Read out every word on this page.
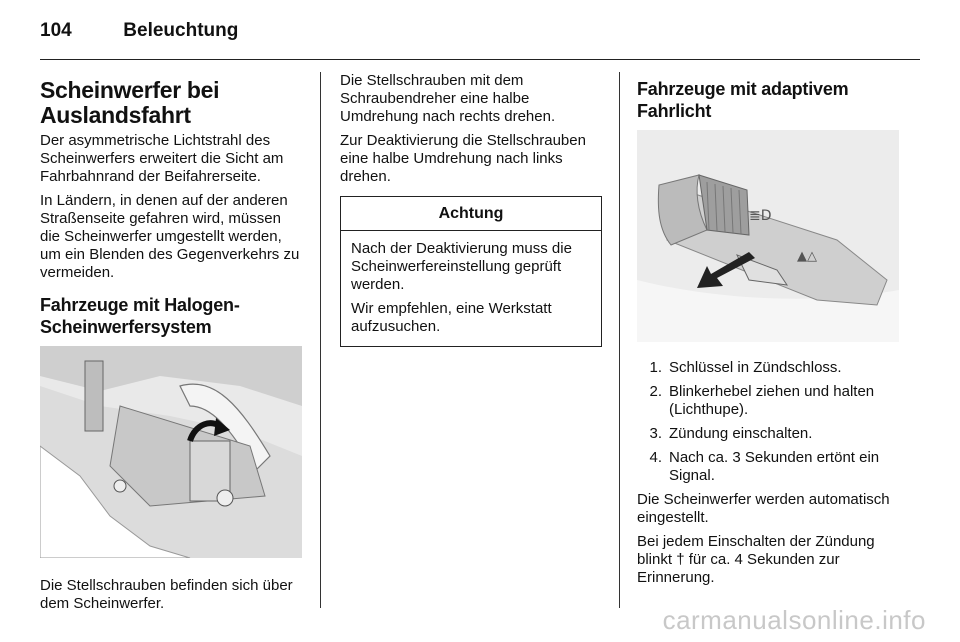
104	Beleuchtung
Scheinwerfer bei Auslandsfahrt

Der asymmetrische Lichtstrahl des Scheinwerfers erweitert die Sicht am Fahrbahnrand der Beifahrerseite.

In Ländern, in denen auf der anderen Straßenseite gefahren wird, müssen die Scheinwerfer umgestellt werden, um ein Blenden des Gegenverkehrs zu vermeiden.

Fahrzeuge mit Halogen-Scheinwerfersystem

Die Stellschrauben befinden sich über dem Scheinwerfer.

Die Stellschrauben mit dem Schraubendreher eine halbe Umdrehung nach rechts drehen.

Zur Deaktivierung die Stellschrauben eine halbe Umdrehung nach links drehen.

Achtung

Nach der Deaktivierung muss die Scheinwerfereinstellung geprüft werden.

Wir empfehlen, eine Werkstatt aufzusuchen.

Fahrzeuge mit adaptivem Fahrlicht
≣D
▲△
1. Schlüssel in Zündschloss.
2. Blinkerhebel ziehen und halten (Lichthupe).
3. Zündung einschalten.
4. Nach ca. 3 Sekunden ertönt ein Signal.

Die Scheinwerfer werden automatisch eingestellt.

Bei jedem Einschalten der Zündung blinkt † für ca. 4 Sekunden zur Erinnerung.

carmanualsonline.info
